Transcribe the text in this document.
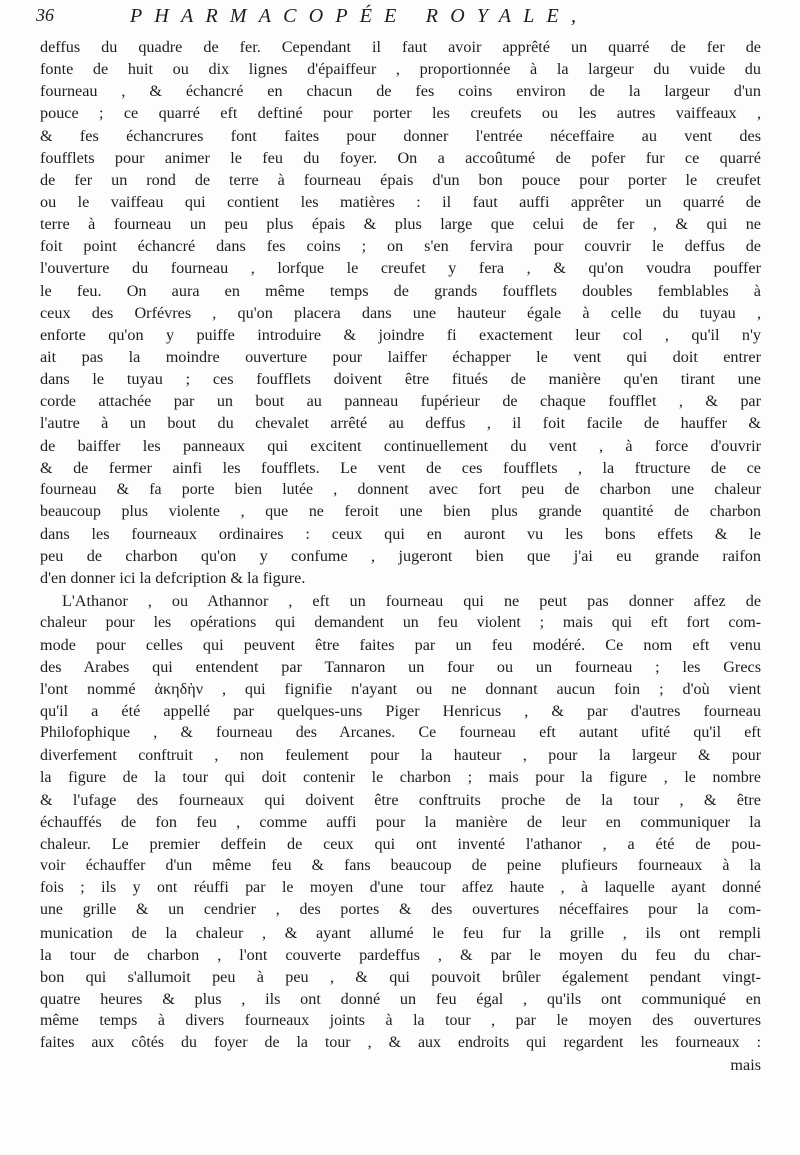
36	PHARMACOPÉE ROYALE,
deffus du quadre de fer. Cependant il faut avoir apprêté un quarré de fer de
fonte de huit ou dix lignes d'épaiffeur , proportionnée à la largeur du vuide du
fourneau , & échancré en chacun de fes coins environ de la largeur d'un
pouce ; ce quarré eft deftiné pour porter les creufets ou les autres vaiffeaux ,
& fes échancrures font faites pour donner l'entrée néceffaire au vent des
foufflets pour animer le feu du foyer. On a accoûtumé de pofer fur ce quarré
de fer un rond de terre à fourneau épais d'un bon pouce pour porter le creufet
ou le vaiffeau qui contient les matières : il faut auffi apprêter un quarré de
terre à fourneau un peu plus épais & plus large que celui de fer , & qui ne
foit point échancré dans fes coins ; on s'en fervira pour couvrir le deffus de
l'ouverture du fourneau , lorfque le creufet y fera , & qu'on voudra pouffer
le feu. On aura en même temps de grands foufflets doubles femblables à
ceux des Orfévres , qu'on placera dans une hauteur égale à celle du tuyau ,
enforte qu'on y puiffe introduire & joindre fi exactement leur col , qu'il n'y
ait pas la moindre ouverture pour laiffer échapper le vent qui doit entrer
dans le tuyau ; ces foufflets doivent être fitués de manière qu'en tirant une
corde attachée par un bout au panneau fupérieur de chaque foufflet , & par
l'autre à un bout du chevalet arrêté au deffus , il foit facile de hauffer &
de baiffer les panneaux qui excitent continuellement du vent , à force d'ouvrir
& de fermer ainfi les foufflets. Le vent de ces foufflets , la ftructure de ce
fourneau & fa porte bien lutée , donnent avec fort peu de charbon une chaleur
beaucoup plus violente , que ne feroit une bien plus grande quantité de charbon
dans les fourneaux ordinaires : ceux qui en auront vu les bons effets & le
peu de charbon qu'on y confume , jugeront bien que j'ai eu grande raifon
d'en donner ici la defcription & la figure.
L'Athanor , ou Athannor , eft un fourneau qui ne peut pas donner affez de
chaleur pour les opérations qui demandent un feu violent ; mais qui eft fort com-
mode pour celles qui peuvent être faites par un feu modéré. Ce nom eft venu
des Arabes qui entendent par Tannaron un four ou un fourneau ; les Grecs
l'ont nommé ἀκηδὴν , qui fignifie n'ayant ou ne donnant aucun foin ; d'où vient
qu'il a été appellé par quelques-uns Piger Henricus , & par d'autres fourneau
Philofophique , & fourneau des Arcanes. Ce fourneau eft autant ufité qu'il eft
diverfement conftruit , non feulement pour la hauteur , pour la largeur & pour
la figure de la tour qui doit contenir le charbon ; mais pour la figure , le nombre
& l'ufage des fourneaux qui doivent être conftruits proche de la tour , & être
échauffés de fon feu , comme auffi pour la manière de leur en communiquer la
chaleur. Le premier deffein de ceux qui ont inventé l'athanor , a été de pou-
voir échauffer d'un même feu & fans beaucoup de peine plufieurs fourneaux à la
fois ; ils y ont réuffi par le moyen d'une tour affez haute , à laquelle ayant donné
une grille & un cendrier , des portes & des ouvertures néceffaires pour la com-
munication de la chaleur , & ayant allumé le feu fur la grille , ils ont rempli
la tour de charbon , l'ont couverte pardeffus , & par le moyen du feu du char-
bon qui s'allumoit peu à peu , & qui pouvoit brûler également pendant vingt-
quatre heures & plus , ils ont donné un feu égal , qu'ils ont communiqué en
même temps à divers fourneaux joints à la tour , par le moyen des ouvertures
faites aux côtés du foyer de la tour , & aux endroits qui regardent les fourneaux :
mais
